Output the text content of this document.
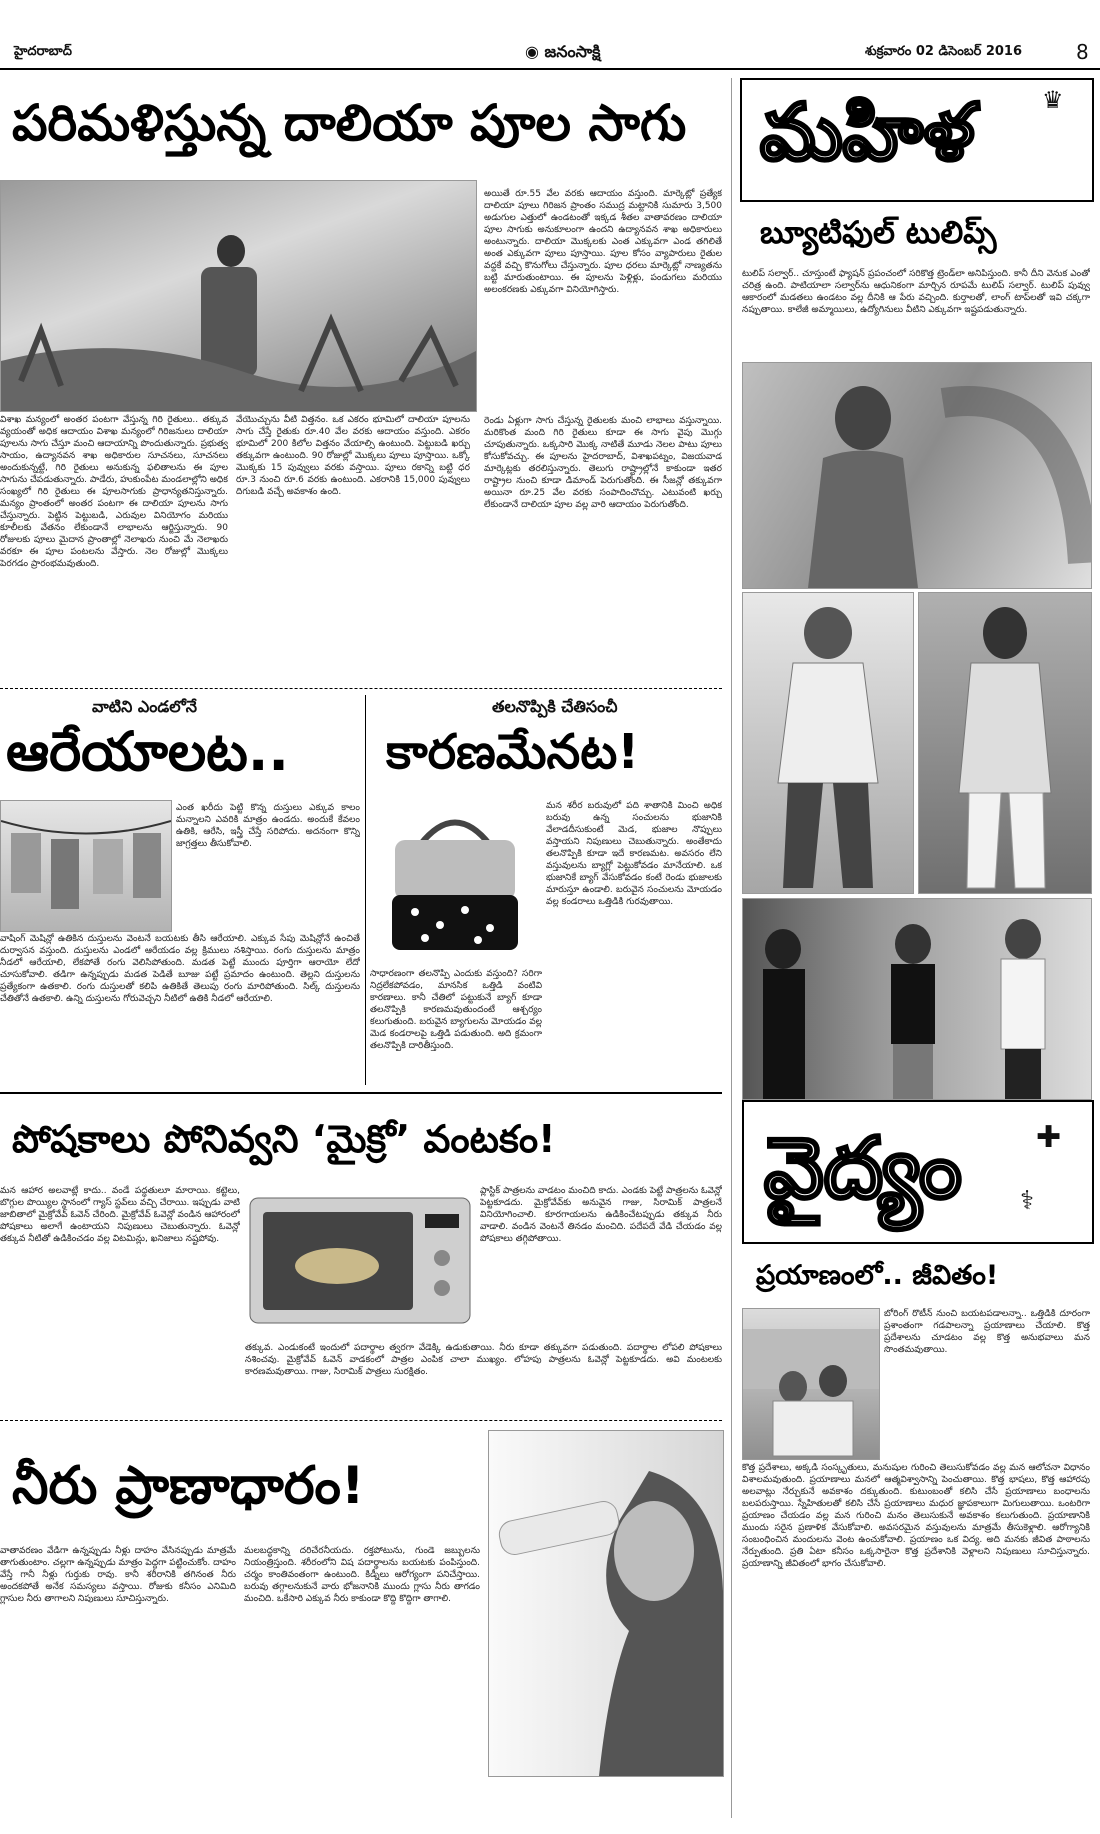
హైదరాబాద్	◉ జనంసాక్షి	శుక్రవారం 02 డిసెంబర్ 2016	8
పరిమళిస్తున్న దాలియా పూల సాగు
విశాఖ మన్యంలో అంతర పంటగా వేస్తున్న గిరి రైతులు.. తక్కువ వ్యయంతో అధిక ఆదాయం విశాఖ మన్యంలో గిరిజనులు దాలియా పూలను సాగు చేస్తూ మంచి ఆదాయాన్ని పొందుతున్నారు. ప్రభుత్వ సాయం, ఉద్యానవన శాఖ అధికారుల సూచనలు, సూచనలు అందుకున్నట్టే, గిరి రైతులు అనుకున్న ఫలితాలను ఈ పూల సాగును చేపడుతున్నారు. పాడేరు, హుకుంపేట మండలాల్లోని అధిక సంఖ్యలో గిరి రైతులు ఈ పూలసాగుకు ప్రాధాన్యతనిస్తున్నారు. మన్యం ప్రాంతంలో అంతర పంటగా ఈ దాలియా పూలను సాగు చేస్తున్నారు. పెట్టిన పెట్టుబడి, ఎరువుల వినియోగం మరియు కూలీలకు వేతనం లేకుండానే లాభాలను ఆర్జిస్తున్నారు. 90 రోజులకు పూలు మైదాన ప్రాంతాల్లో నెలాఖరు నుంచి మే నెలాఖరు వరకూ ఈ పూల పంటలను వేస్తారు. నెల రోజుల్లో మొక్కలు పెరగడం ప్రారంభమవుతుంది.
వేయొచ్చును వీటి విత్తనం. ఒక ఎకరం భూమిలో దాలియా పూలను సాగు చేస్తే రైతుకు రూ.40 వేల వరకు ఆదాయం వస్తుంది. ఎకరం భూమిలో 200 కిలోల విత్తనం వేయాల్సి ఉంటుంది. పెట్టుబడి ఖర్చు తక్కువగా ఉంటుంది. 90 రోజుల్లో మొక్కలు పూలు పూస్తాయి. ఒక్కో మొక్కకు 15 పువ్వులు వరకు వస్తాయి. పూలు రకాన్ని బట్టి ధర రూ.3 నుంచి రూ.6 వరకు ఉంటుంది. ఎకరానికి 15,000 పువ్వులు దిగుబడి వచ్చే అవకాశం ఉంది.
అయితే రూ.55 వేల వరకు ఆదాయం వస్తుంది. మార్కెట్లో ప్రత్యేక దాలియా పూలు గిరిజన ప్రాంతం సముద్ర మట్టానికి సుమారు 3,500 అడుగుల ఎత్తులో ఉండటంతో ఇక్కడ శీతల వాతావరణం దాలియా పూల సాగుకు అనుకూలంగా ఉందని ఉద్యానవన శాఖ అధికారులు అంటున్నారు. దాలియా మొక్కలకు ఎంత ఎక్కువగా ఎండ తగిలితే అంత ఎక్కువగా పూలు పూస్తాయి. పూల కోసం వ్యాపారులు రైతుల వద్దకే వచ్చి కొనుగోలు చేస్తున్నారు. పూల ధరలు మార్కెట్లో నాణ్యతను బట్టి మారుతుంటాయి. ఈ పూలను పెళ్లిళ్లు, పండుగలు మరియు అలంకరణకు ఎక్కువగా వినియోగిస్తారు.
రెండు ఏళ్లుగా సాగు చేస్తున్న రైతులకు మంచి లాభాలు వస్తున్నాయి. మరికొంత మంది గిరి రైతులు కూడా ఈ సాగు వైపు మొగ్గు చూపుతున్నారు. ఒక్కసారి మొక్క నాటితే మూడు నెలల పాటు పూలు కోసుకోవచ్చు. ఈ పూలను హైదరాబాద్, విశాఖపట్నం, విజయవాడ మార్కెట్లకు తరలిస్తున్నారు. తెలుగు రాష్ట్రాల్లోనే కాకుండా ఇతర రాష్ట్రాల నుంచి కూడా డిమాండ్ పెరుగుతోంది. ఈ సీజన్లో తక్కువగా అయినా రూ.25 వేల వరకు సంపాదించొచ్చు. ఎటువంటి ఖర్చు లేకుండానే దాలియా పూల వల్ల వారి ఆదాయం పెరుగుతోంది.
వాటిని ఎండలోనే
ఆరేయాలట..
ఎంత ఖరీదు పెట్టి కొన్న దుస్తులు ఎక్కువ కాలం మన్నాలని ఎవరికి మాత్రం ఉండదు. అందుకే కేవలం ఉతికి, ఆరేసి, ఇస్త్రీ చేస్తే సరిపోదు. అదనంగా కొన్ని జాగ్రత్తలు తీసుకోవాలి.
వాషింగ్ మెషిన్లో ఉతికిన దుస్తులను వెంటనే బయటకు తీసి ఆరేయాలి. ఎక్కువ సేపు మెషిన్లోనే ఉంచితే దుర్వాసన వస్తుంది. దుస్తులను ఎండలో ఆరేయడం వల్ల క్రిములు నశిస్తాయి. రంగు దుస్తులను మాత్రం నీడలో ఆరేయాలి, లేకపోతే రంగు వెలిసిపోతుంది. మడత పెట్టే ముందు పూర్తిగా ఆరాయో లేదో చూసుకోవాలి. తడిగా ఉన్నప్పుడు మడత పెడితే బూజు పట్టే ప్రమాదం ఉంటుంది. తెల్లని దుస్తులను ప్రత్యేకంగా ఉతకాలి. రంగు దుస్తులతో కలిపి ఉతికితే తెలుపు రంగు మారిపోతుంది. సిల్క్ దుస్తులను చేతితోనే ఉతకాలి. ఉన్ని దుస్తులను గోరువెచ్చని నీటిలో ఉతికి నీడలో ఆరేయాలి.
తలనొప్పికి చేతిసంచీ
కారణమేనట!
మన శరీర బరువులో పది శాతానికి మించి అధిక బరువు ఉన్న సంచులను భుజానికి వేలాడదీసుకుంటే మెడ, భుజాల నొప్పులు వస్తాయని నిపుణులు చెబుతున్నారు. అంతేకాదు తలనొప్పికి కూడా ఇదే కారణమట. అవసరం లేని వస్తువులను బ్యాగ్లో పెట్టుకోవడం మానేయాలి. ఒక భుజానికే బ్యాగ్ వేసుకోవడం కంటే రెండు భుజాలకు మారుస్తూ ఉండాలి. బరువైన సంచులను మోయడం వల్ల కండరాలు ఒత్తిడికి గురవుతాయి.
సాధారణంగా తలనొప్పి ఎందుకు వస్తుంది? సరిగా నిద్రలేకపోవడం, మానసిక ఒత్తిడి వంటివి కారణాలు. కానీ చేతిలో పట్టుకునే బ్యాగ్ కూడా తలనొప్పికి కారణమవుతుందంటే ఆశ్చర్యం కలుగుతుంది. బరువైన బ్యాగులను మోయడం వల్ల మెడ కండరాలపై ఒత్తిడి పడుతుంది. అది క్రమంగా తలనొప్పికి దారితీస్తుంది.
పోషకాలు పోనివ్వని ‘మైక్రో’ వంటకం!
మన ఆహార అలవాట్లే కాదు.. వండే పద్ధతులూ మారాయి. కట్టెలు, బొగ్గుల పొయ్యిల స్థానంలో గ్యాస్ స్టవ్‌లు వచ్చి చేరాయి. ఇప్పుడు వాటి జాబితాలో మైక్రోవేవ్ ఓవెన్ చేరింది. మైక్రోవేవ్ ఓవెన్లో వండిన ఆహారంలో పోషకాలు అలాగే ఉంటాయని నిపుణులు చెబుతున్నారు. ఓవెన్లో తక్కువ నీటితో ఉడికించడం వల్ల విటమిన్లు, ఖనిజాలు నష్టపోవు.
ప్లాస్టిక్ పాత్రలను వాడటం మంచిది కాదు. ఎండకు పెట్టే పాత్రలను ఓవెన్లో పెట్టకూడదు. మైక్రోవేవ్‌కు అనువైన గాజు, సిరామిక్ పాత్రలనే వినియోగించాలి. కూరగాయలను ఉడికించేటప్పుడు తక్కువ నీరు వాడాలి. వండిన వెంటనే తినడం మంచిది. పదేపదే వేడి చేయడం వల్ల పోషకాలు తగ్గిపోతాయి.
తక్కువ. ఎండుకంటే ఇందులో పదార్థాల త్వరగా వేడెక్కి ఉడుకుతాయి. నీరు కూడా తక్కువగా పడుతుంది. పదార్థాల లోపలి పోషకాలు నశించవు. మైక్రోవేవ్ ఓవెన్ వాడకంలో పాత్రల ఎంపిక చాలా ముఖ్యం. లోహపు పాత్రలను ఓవెన్లో పెట్టకూడదు. అవి మంటలకు కారణమవుతాయి. గాజు, సిరామిక్ పాత్రలు సురక్షితం.
నీరు ప్రాణాధారం!
వాతావరణం వేడిగా ఉన్నప్పుడు నీళ్లు దాహం వేసినప్పుడు మాత్రమే తాగుతుంటాం. చల్లగా ఉన్నప్పుడు మాత్రం పెద్దగా పట్టించుకోం. దాహం వేస్తే గానీ నీళ్లు గుర్తుకు రావు. కానీ శరీరానికి తగినంత నీరు అందకపోతే అనేక సమస్యలు వస్తాయి. రోజుకు కనీసం ఎనిమిది గ్లాసుల నీరు తాగాలని నిపుణులు సూచిస్తున్నారు.
మలబద్ధకాన్ని దరిచేరనీయదు. రక్తపోటును, గుండె జబ్బులను నియంత్రిస్తుంది. శరీరంలోని విష పదార్థాలను బయటకు పంపిస్తుంది. చర్మం కాంతివంతంగా ఉంటుంది. కిడ్నీలు ఆరోగ్యంగా పనిచేస్తాయి. బరువు తగ్గాలనుకునే వారు భోజనానికి ముందు గ్లాసు నీరు తాగడం మంచిది. ఒకేసారి ఎక్కువ నీరు కాకుండా కొద్ది కొద్దిగా తాగాలి.
మహిళ	♛
బ్యూటిఫుల్ టులిప్స్
టులిప్ సల్వార్.. చూస్తుంటే ఫ్యాషన్ ప్రపంచంలో సరికొత్త ట్రెండ్‌లా అనిపిస్తుంది. కానీ దీని వెనుక ఎంతో చరిత్ర ఉంది. పాటియాలా సల్వార్‌ను ఆధునికంగా మార్చిన రూపమే టులిప్ సల్వార్. టులిప్ పువ్వు ఆకారంలో మడతలు ఉండటం వల్ల దీనికి ఆ పేరు వచ్చింది. కుర్తాలతో, లాంగ్ టాప్‌లతో ఇవి చక్కగా నప్పుతాయి. కాలేజీ అమ్మాయిలు, ఉద్యోగినులు వీటిని ఎక్కువగా ఇష్టపడుతున్నారు.
వైద్యం ✚
⚕
ప్రయాణంలో.. జీవితం!
బోరింగ్ రొటీన్ నుంచి బయటపడాలన్నా.. ఒత్తిడికి దూరంగా ప్రశాంతంగా గడపాలన్నా ప్రయాణాలు చేయాలి. కొత్త ప్రదేశాలను చూడటం వల్ల కొత్త అనుభవాలు మన సొంతమవుతాయి.
కొత్త ప్రదేశాలు, అక్కడి సంస్కృతులు, మనుషుల గురించి తెలుసుకోవడం వల్ల మన ఆలోచనా విధానం విశాలమవుతుంది. ప్రయాణాలు మనలో ఆత్మవిశ్వాసాన్ని పెంచుతాయి. కొత్త భాషలు, కొత్త ఆహారపు అలవాట్లు నేర్చుకునే అవకాశం దక్కుతుంది. కుటుంబంతో కలిసి చేసే ప్రయాణాలు బంధాలను బలపరుస్తాయి. స్నేహితులతో కలిసి చేసే ప్రయాణాలు మధుర జ్ఞాపకాలుగా మిగులుతాయి. ఒంటరిగా ప్రయాణం చేయడం వల్ల మన గురించి మనం తెలుసుకునే అవకాశం కలుగుతుంది. ప్రయాణానికి ముందు సరైన ప్రణాళిక వేసుకోవాలి. అవసరమైన వస్తువులను మాత్రమే తీసుకెళ్లాలి. ఆరోగ్యానికి సంబంధించిన మందులను వెంట ఉంచుకోవాలి. ప్రయాణం ఒక విద్య. అది మనకు జీవిత పాఠాలను నేర్పుతుంది. ప్రతి ఏటా కనీసం ఒక్కసారైనా కొత్త ప్రదేశానికి వెళ్లాలని నిపుణులు సూచిస్తున్నారు. ప్రయాణాన్ని జీవితంలో భాగం చేసుకోవాలి.
